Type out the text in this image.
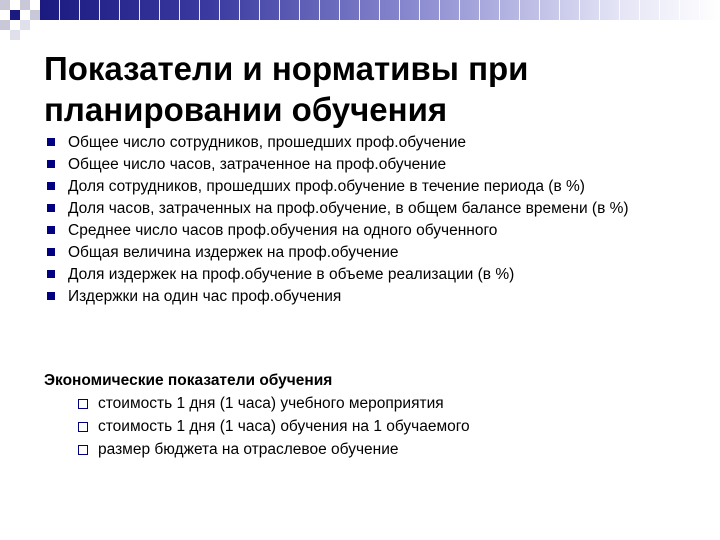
Показатели и нормативы при планировании обучения
Общее число сотрудников, прошедших проф.обучение
Общее число часов, затраченное на проф.обучение
Доля сотрудников, прошедших проф.обучение в течение периода (в %)
Доля часов, затраченных на проф.обучение, в общем балансе времени (в %)
Среднее число часов проф.обучения на одного обученного
Общая величина издержек на проф.обучение
Доля издержек на проф.обучение в объеме реализации (в %)
Издержки на один час проф.обучения
Экономические показатели обучения
стоимость 1 дня (1 часа) учебного мероприятия
стоимость 1 дня (1 часа) обучения на 1 обучаемого
размер бюджета на отраслевое обучение
